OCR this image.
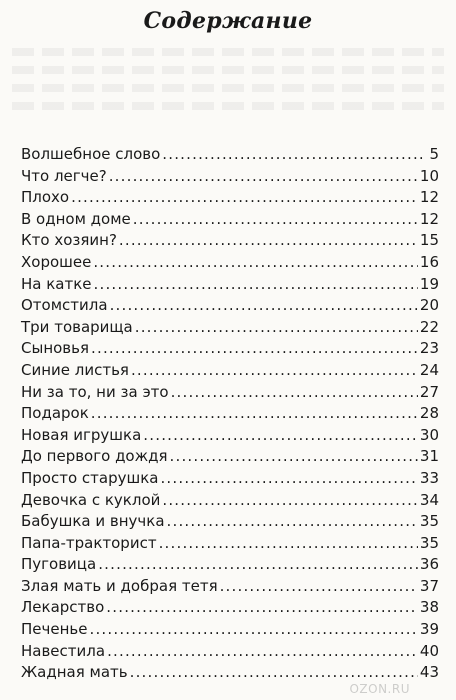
Содержание
Волшебное слово .....	5
Что легче? .....	10
Плохо .....	12
В одном доме .....	12
Кто хозяин? .....	15
Хорошее .....	16
На катке .....	19
Отомстила .....	20
Три товарища .....	22
Сыновья .....	23
Синие листья .....	24
Ни за то, ни за это .....	27
Подарок .....	28
Новая игрушка .....	30
До первого дождя .....	31
Просто старушка .....	33
Девочка с куклой .....	34
Бабушка и внучка .....	35
Папа-тракторист .....	35
Пуговица .....	36
Злая мать и добрая тетя .....	37
Лекарство .....	38
Печенье .....	39
Навестила .....	40
Жадная мать .....	43
OZON.RU
